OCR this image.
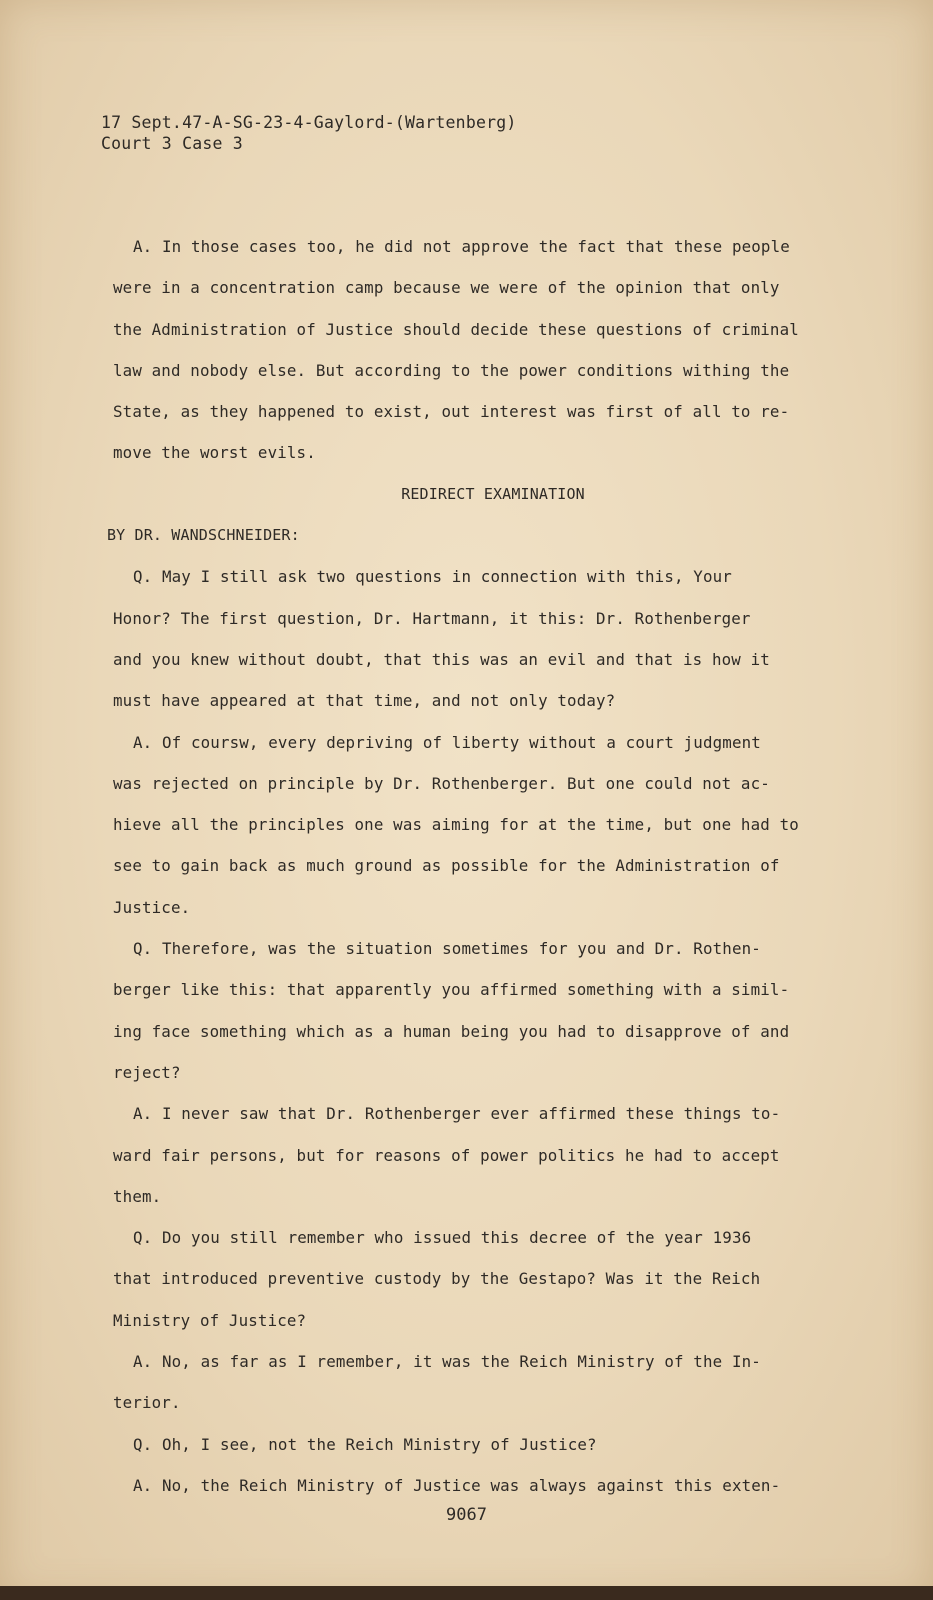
17 Sept.47-A-SG-23-4-Gaylord-(Wartenberg)
Court 3 Case 3
A. In those cases too, he did not approve the fact that these people
were in a concentration camp because we were of the opinion that only
the Administration of Justice should decide these questions of criminal
law and nobody else. But according to the power conditions withing the
State, as they happened to exist, out interest was first of all to re-
move the worst evils.
REDIRECT EXAMINATION
BY DR. WANDSCHNEIDER:
Q. May I still ask two questions in connection with this, Your
Honor? The first question, Dr. Hartmann, it this: Dr. Rothenberger
and you knew without doubt, that this was an evil and that is how it
must have appeared at that time, and not only today?
A. Of coursw, every depriving of liberty without a court judgment
was rejected on principle by Dr. Rothenberger. But one could not ac-
hieve all the principles one was aiming for at the time, but one had to
see to gain back as much ground as possible for the Administration of
Justice.
Q. Therefore, was the situation sometimes for you and Dr. Rothen-
berger like this: that apparently you affirmed something with a simil-
ing face something which as a human being you had to disapprove of and
reject?
A. I never saw that Dr. Rothenberger ever affirmed these things to-
ward fair persons, but for reasons of power politics he had to accept
them.
Q. Do you still remember who issued this decree of the year 1936
that introduced preventive custody by the Gestapo? Was it the Reich
Ministry of Justice?
A. No, as far as I remember, it was the Reich Ministry of the In-
terior.
Q. Oh, I see, not the Reich Ministry of Justice?
A. No, the Reich Ministry of Justice was always against this exten-
9067
